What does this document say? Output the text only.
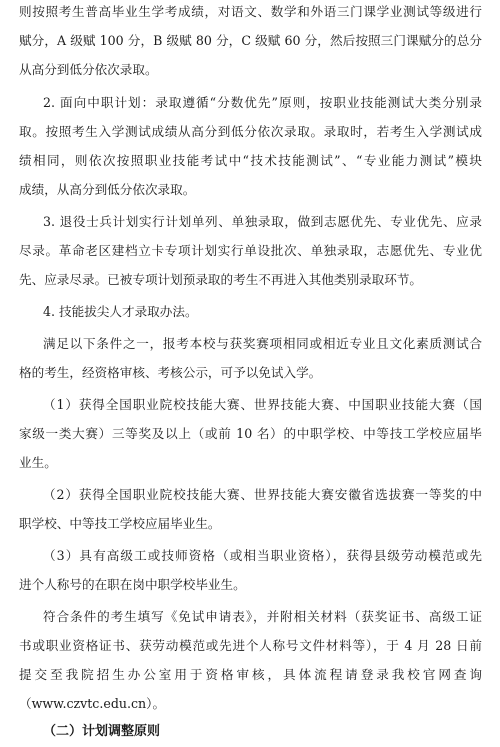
则按照考生普高毕业生学考成绩，对语文、数学和外语三门课学业测试等级进行
赋分，A 级赋 100 分，B 级赋 80 分，C 级赋 60 分，然后按照三门课赋分的总分
从高分到低分依次录取。
2. 面向中职计划：录取遵循“分数优先”原则，按职业技能测试大类分别录
取。按照考生入学测试成绩从高分到低分依次录取。录取时，若考生入学测试成
绩相同，则依次按照职业技能考试中“技术技能测试”、“专业能力测试”模块
成绩，从高分到低分依次录取。
3. 退役士兵计划实行计划单列、单独录取，做到志愿优先、专业优先、应录
尽录。革命老区建档立卡专项计划实行单设批次、单独录取，志愿优先、专业优
先、应录尽录。已被专项计划预录取的考生不再进入其他类别录取环节。
4. 技能拔尖人才录取办法。
满足以下条件之一，报考本校与获奖赛项相同或相近专业且文化素质测试合
格的考生，经资格审核、考核公示，可予以免试入学。
（1）获得全国职业院校技能大赛、世界技能大赛、中国职业技能大赛（国
家级一类大赛）三等奖及以上（或前 10 名）的中职学校、中等技工学校应届毕
业生。
（2）获得全国职业院校技能大赛、世界技能大赛安徽省选拔赛一等奖的中
职学校、中等技工学校应届毕业生。
（3）具有高级工或技师资格（或相当职业资格），获得县级劳动模范或先
进个人称号的在职在岗中职学校毕业生。
符合条件的考生填写《免试申请表》，并附相关材料（获奖证书、高级工证
书或职业资格证书、获劳动模范或先进个人称号文件材料等），于 4 月 28 日前
提交至我院招生办公室用于资格审核，具体流程请登录我校官网查询
（www.czvtc.edu.cn）。
（二）计划调整原则
